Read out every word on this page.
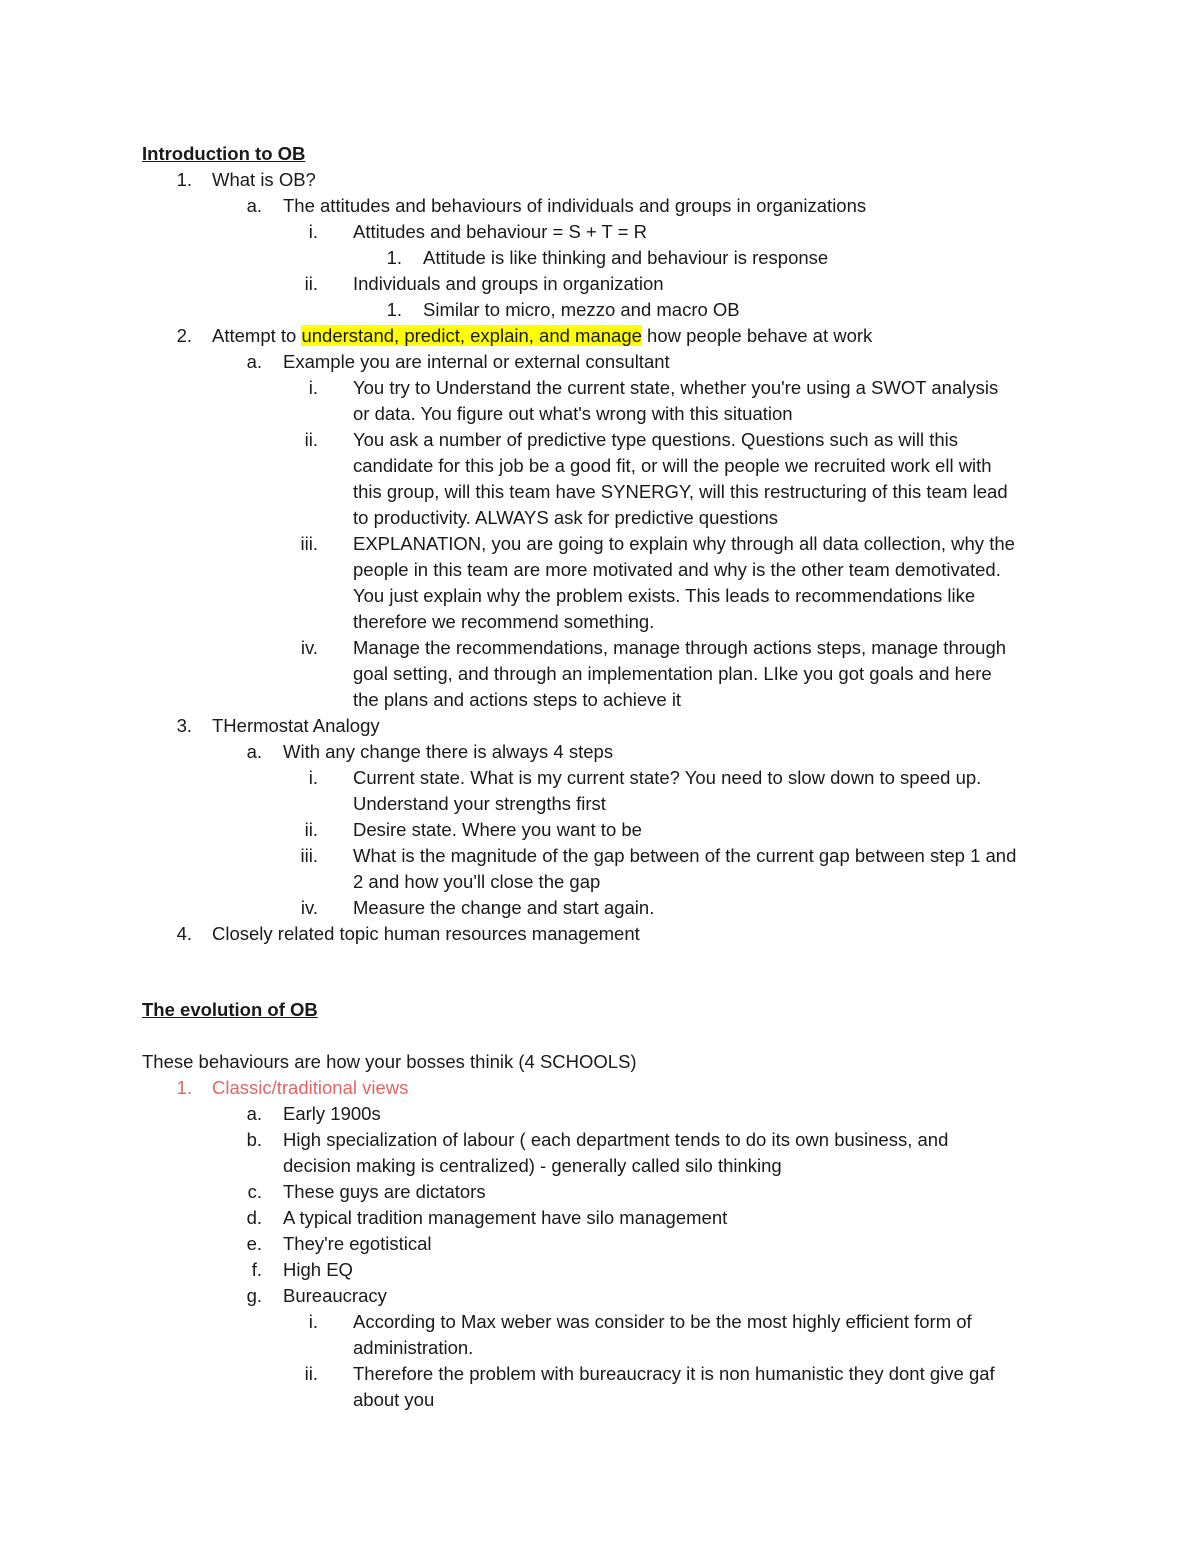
Introduction to OB
1. What is OB?
a. The attitudes and behaviours of individuals and groups in organizations
i. Attitudes and behaviour = S + T = R
1. Attitude is like thinking and behaviour is response
ii. Individuals and groups in organization
1. Similar to micro, mezzo and macro OB
2. Attempt to understand, predict, explain, and manage how people behave at work
a. Example you are internal or external consultant
i. You try to Understand the current state, whether you're using a SWOT analysis
or data. You figure out what's wrong with this situation
ii. You ask a number of predictive type questions. Questions such as will this
candidate for this job be a good fit, or will the people we recruited work ell with
this group, will this team have SYNERGY, will this restructuring of this team lead
to productivity. ALWAYS ask for predictive questions
iii. EXPLANATION, you are going to explain why through all data collection, why the
people in this team are more motivated and why is the other team demotivated.
You just explain why the problem exists. This leads to recommendations like
therefore we recommend something.
iv. Manage the recommendations, manage through actions steps, manage through
goal setting, and through an implementation plan. LIke you got goals and here
the plans and actions steps to achieve it
3. THermostat Analogy
a. With any change there is always 4 steps
i. Current state. What is my current state? You need to slow down to speed up.
Understand your strengths first
ii. Desire state. Where you want to be
iii. What is the magnitude of the gap between of the current gap between step 1 and
2 and how you'll close the gap
iv. Measure the change and start again.
4. Closely related topic human resources management
The evolution of OB
These behaviours are how your bosses thinik (4 SCHOOLS)
1. Classic/traditional views
a. Early 1900s
b. High specialization of labour ( each department tends to do its own business, and
decision making is centralized) - generally called silo thinking
c. These guys are dictators
d. A typical tradition management have silo management
e. They're egotistical
f. High EQ
g. Bureaucracy
i. According to Max weber was consider to be the most highly efficient form of
administration.
ii. Therefore the problem with bureaucracy it is non humanistic they dont give gaf
about you
